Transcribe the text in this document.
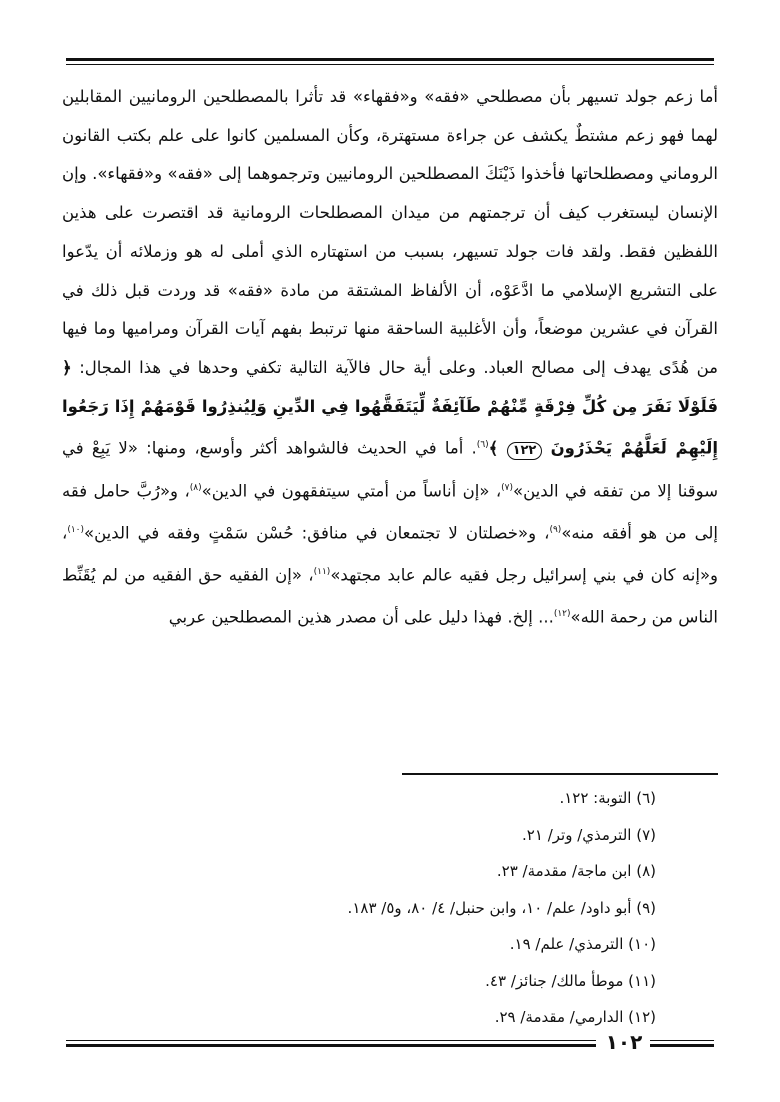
أما زعم جولد تسيهر بأن مصطلحي «فقه» و«فقهاء» قد تأثرا بالمصطلحين الرومانيين المقابلين لهما فهو زعم مشتطٌ يكشف عن جراءة مستهترة، وكأن المسلمين كانوا على علم بكتب القانون الروماني ومصطلحاتها فأخذوا ذَيْنَكَ المصطلحين الرومانيين وترجموهما إلى «فقه» و«فقهاء». وإن الإنسان ليستغرب كيف أن ترجمتهم من ميدان المصطلحات الرومانية قد اقتصرت على هذين اللفظين فقط. ولقد فات جولد تسيهر، بسبب من استهتاره الذي أملى له هو وزملائه أن يدّعوا على التشريع الإسلامي ما ادَّعَوْه، أن الألفاظ المشتقة من مادة «فقه» قد وردت قبل ذلك في القرآن في عشرين موضعاً، وأن الأغلبية الساحقة منها ترتبط بفهم آيات القرآن ومراميها وما فيها من هُدًى يهدف إلى مصالح العباد. وعلى أية حال فالآية التالية تكفي وحدها في هذا المجال: ﴿ فَلَوْلَا نَفَرَ مِن كُلِّ فِرْقَةٍ مِّنْهُمْ طَآئِفَةٌ لِّيَتَفَقَّهُوا فِي الدِّينِ وَلِيُنذِرُوا قَوْمَهُمْ إِذَا رَجَعُوا إِلَيْهِمْ لَعَلَّهُمْ يَحْذَرُونَ ١٢٢ ﴾$^{(٦)}$. أما في الحديث فالشواهد أكثر وأوسع، ومنها: «لا يَبِعْ في سوقنا إلا من تفقه في الدين»$^{(٧)}$، «إن أناساً من أمتي سيتفقهون في الدين»$^{(٨)}$، و«رُبَّ حامل فقه إلى من هو أفقه منه»$^{(٩)}$، و«خصلتان لا تجتمعان في منافق: حُسْن سَمْتٍ وفقه في الدين»$^{(١٠)}$، و«إنه كان في بني إسرائيل رجل فقيه عالم عابد مجتهد»$^{(١١)}$، «إن الفقيه حق الفقيه من لم يُقَنِّط الناس من رحمة الله»$^{(١٢)}$... إلخ. فهذا دليل على أن مصدر هذين المصطلحين عربي

(٦) التوبة: ١٢٢.
(٧) الترمذي/ وتر/ ٢١.
(٨) ابن ماجة/ مقدمة/ ٢٣.
(٩) أبو داود/ علم/ ١٠، وابن حنبل/ ٤/ ٨٠، و٥/ ١٨٣.
(١٠) الترمذي/ علم/ ١٩.
(١١) موطأ مالك/ جنائز/ ٤٣.
(١٢) الدارمي/ مقدمة/ ٢٩.
١٠٢
